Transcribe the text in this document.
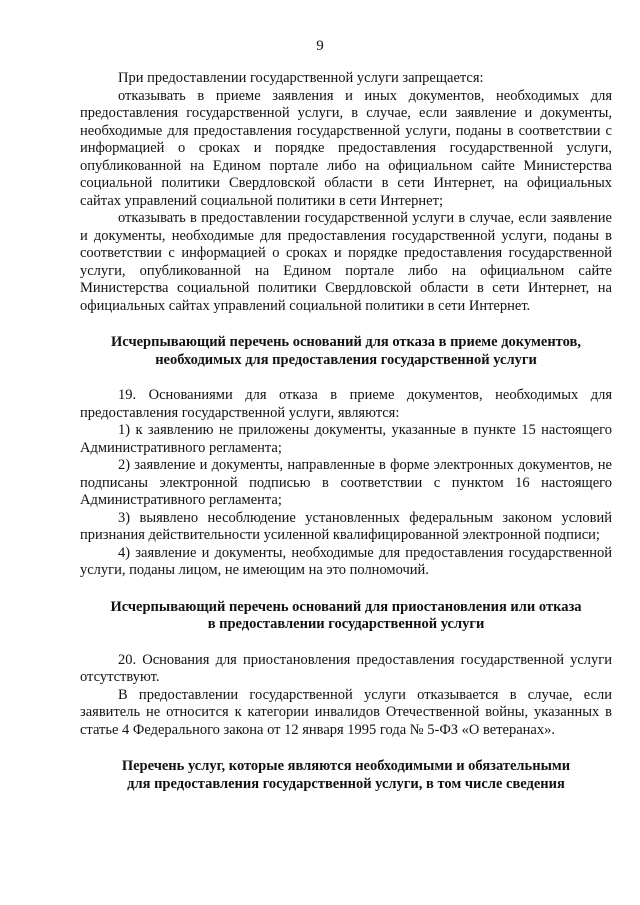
9

При предоставлении государственной услуги запрещается:

отказывать в приеме заявления и иных документов, необходимых для предоставления государственной услуги, в случае, если заявление и документы, необходимые для предоставления государственной услуги, поданы в соответствии с информацией о сроках и порядке предоставления государственной услуги, опубликованной на Едином портале либо на официальном сайте Министерства социальной политики Свердловской области в сети Интернет, на официальных сайтах управлений социальной политики в сети Интернет;

отказывать в предоставлении государственной услуги в случае, если заявление и документы, необходимые для предоставления государственной услуги, поданы в соответствии с информацией о сроках и порядке предоставления государственной услуги, опубликованной на Едином портале либо на официальном сайте Министерства социальной политики Свердловской области в сети Интернет, на официальных сайтах управлений социальной политики в сети Интернет.

Исчерпывающий перечень оснований для отказа в приеме документов,
необходимых для предоставления государственной услуги

19. Основаниями для отказа в приеме документов, необходимых для предоставления государственной услуги, являются:

1) к заявлению не приложены документы, указанные в пункте 15 настоящего Административного регламента;

2) заявление и документы, направленные в форме электронных документов, не подписаны электронной подписью в соответствии с пунктом 16 настоящего Административного регламента;

3) выявлено несоблюдение установленных федеральным законом условий признания действительности усиленной квалифицированной электронной подписи;

4) заявление и документы, необходимые для предоставления государственной услуги, поданы лицом, не имеющим на это полномочий.

Исчерпывающий перечень оснований для приостановления или отказа
в предоставлении государственной услуги

20. Основания для приостановления предоставления государственной услуги отсутствуют.

В предоставлении государственной услуги отказывается в случае, если заявитель не относится к категории инвалидов Отечественной войны, указанных в статье 4 Федерального закона от 12 января 1995 года № 5-ФЗ «О ветеранах».

Перечень услуг, которые являются необходимыми и обязательными
для предоставления государственной услуги, в том числе сведения
